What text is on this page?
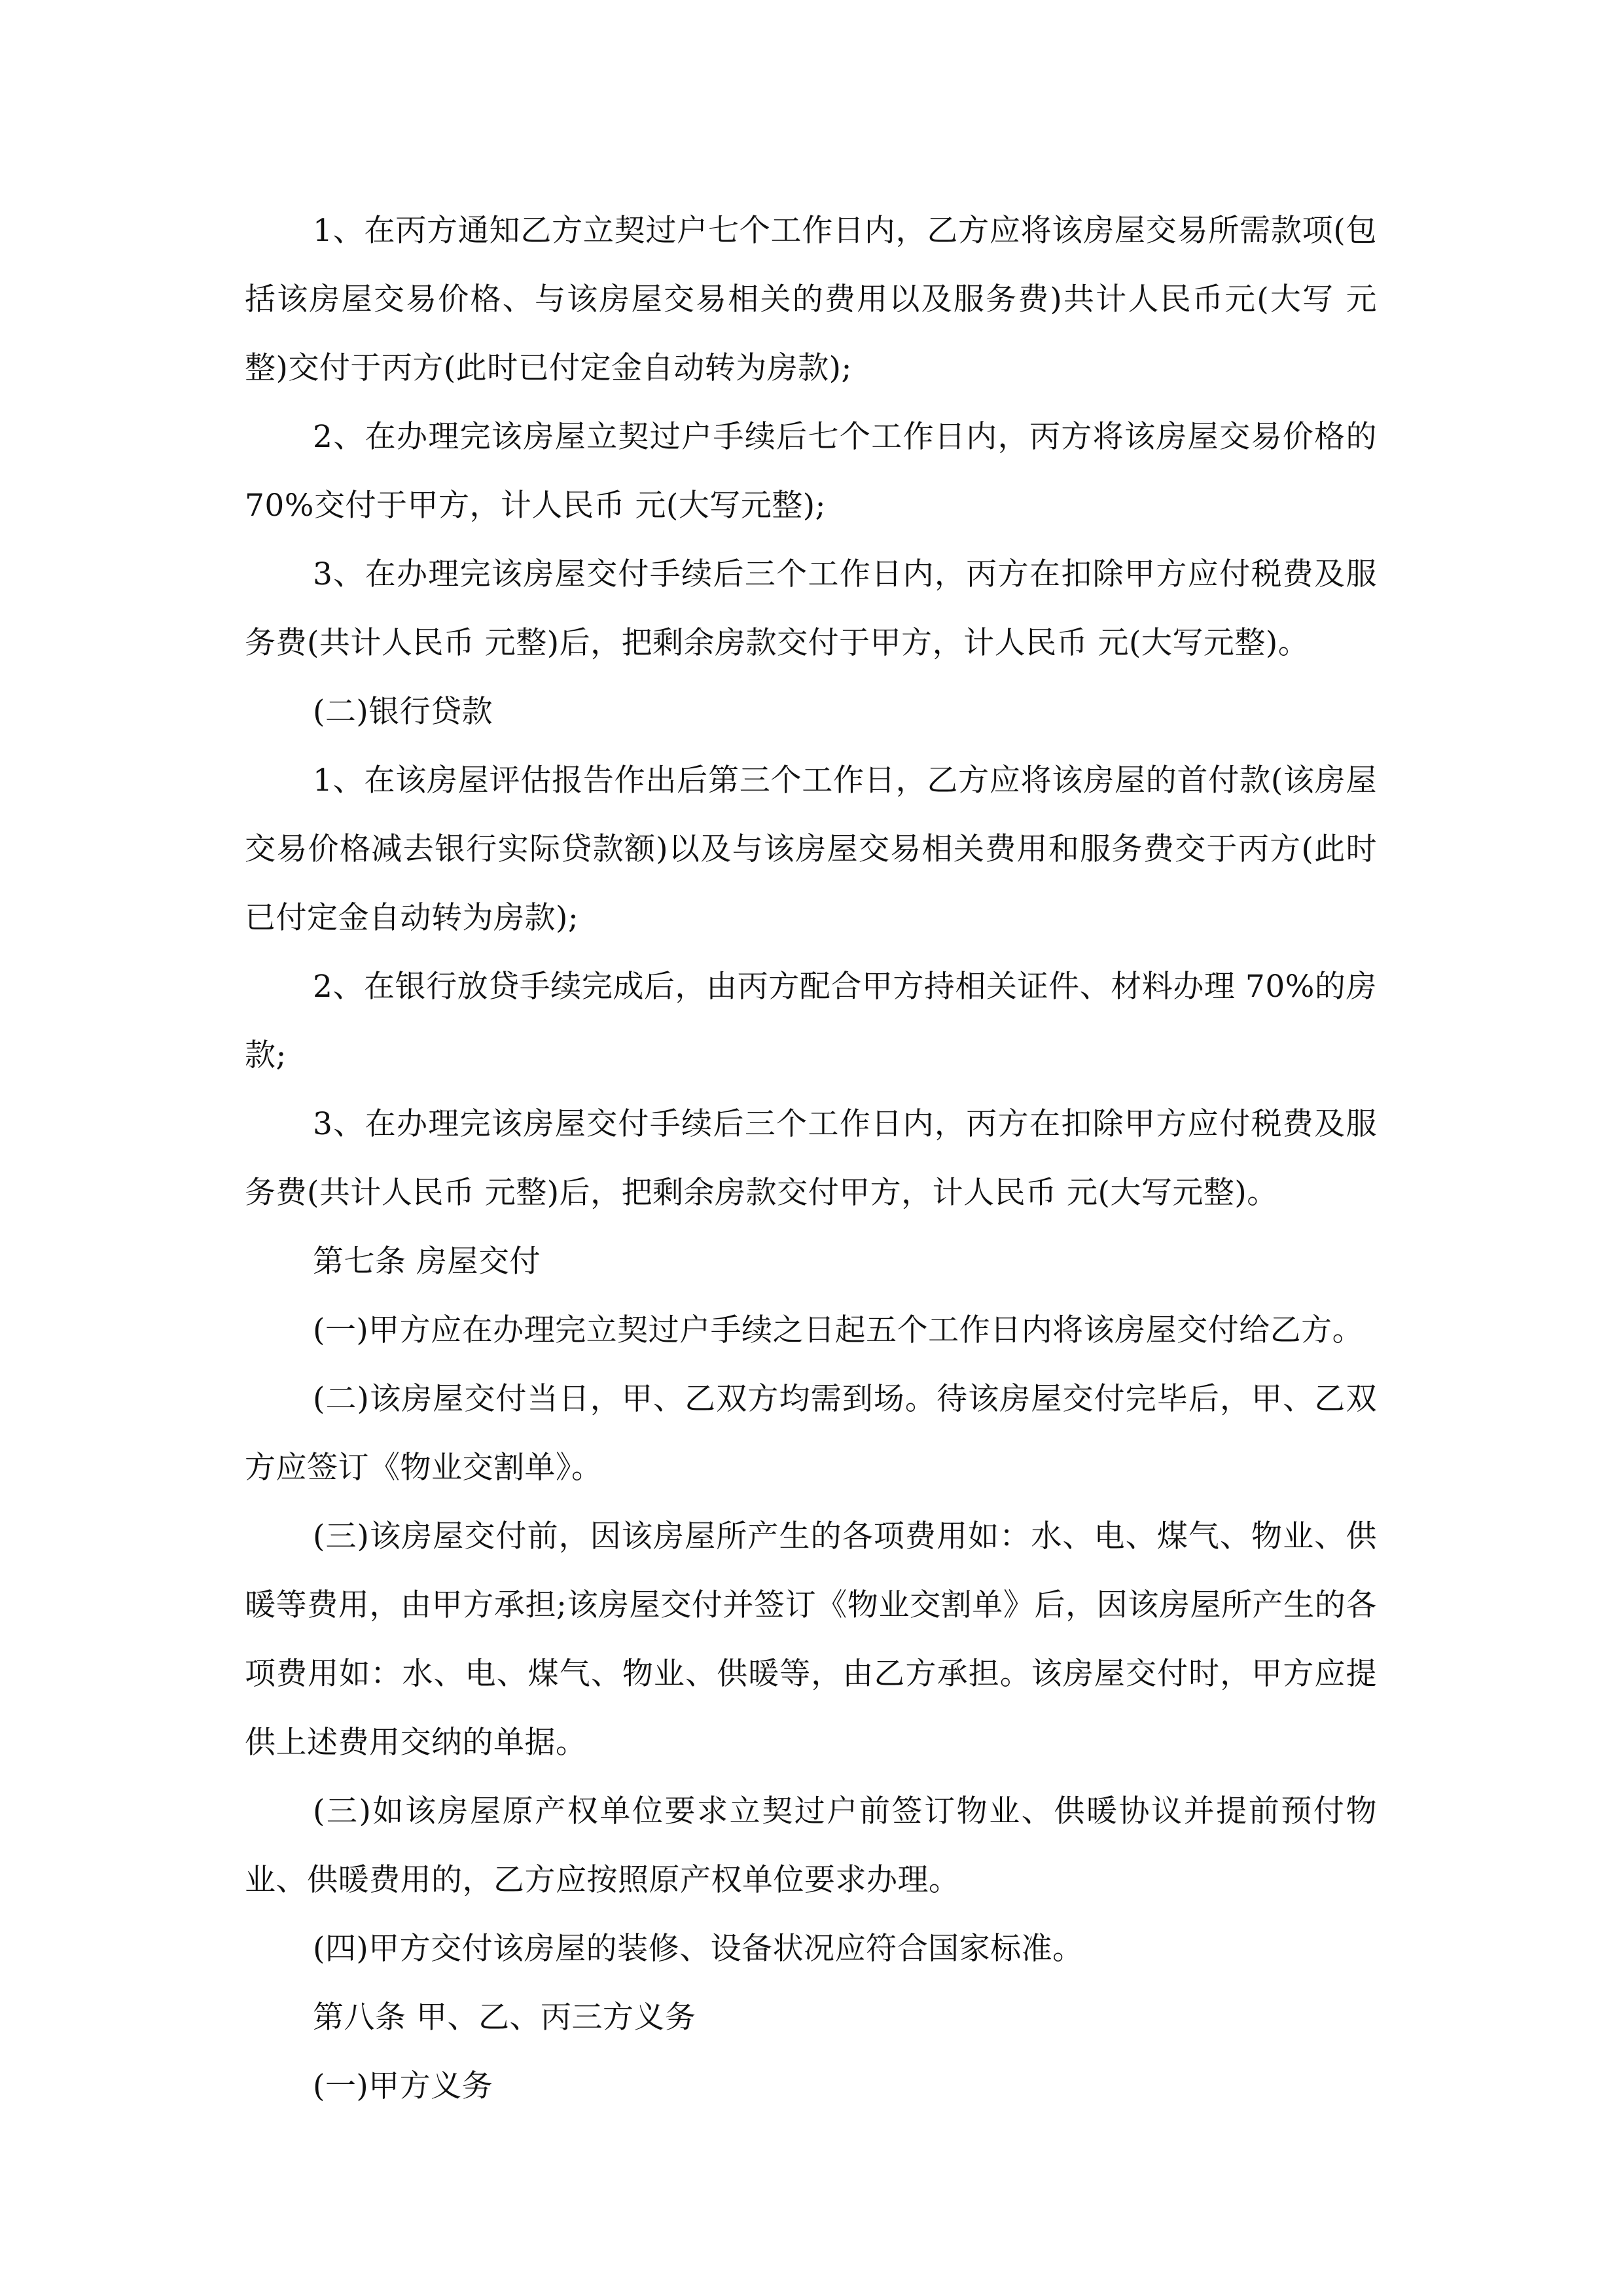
1、在丙方通知乙方立契过户七个工作日内，乙方应将该房屋交易所需款项(包括该房屋交易价格、与该房屋交易相关的费用以及服务费)共计人民币元(大写 元整)交付于丙方(此时已付定金自动转为房款);

2、在办理完该房屋立契过户手续后七个工作日内，丙方将该房屋交易价格的 70%交付于甲方，计人民币 元(大写元整);

3、在办理完该房屋交付手续后三个工作日内，丙方在扣除甲方应付税费及服务费(共计人民币 元整)后，把剩余房款交付于甲方，计人民币 元(大写元整)。

(二)银行贷款

1、在该房屋评估报告作出后第三个工作日，乙方应将该房屋的首付款(该房屋交易价格减去银行实际贷款额)以及与该房屋交易相关费用和服务费交于丙方(此时已付定金自动转为房款);

2、在银行放贷手续完成后，由丙方配合甲方持相关证件、材料办理 70%的房款;

3、在办理完该房屋交付手续后三个工作日内，丙方在扣除甲方应付税费及服务费(共计人民币 元整)后，把剩余房款交付甲方，计人民币 元(大写元整)。

第七条 房屋交付

(一)甲方应在办理完立契过户手续之日起五个工作日内将该房屋交付给乙方。

(二)该房屋交付当日，甲、乙双方均需到场。待该房屋交付完毕后，甲、乙双方应签订《物业交割单》。

(三)该房屋交付前，因该房屋所产生的各项费用如：水、电、煤气、物业、供暖等费用，由甲方承担;该房屋交付并签订《物业交割单》后，因该房屋所产生的各项费用如：水、电、煤气、物业、供暖等，由乙方承担。该房屋交付时，甲方应提供上述费用交纳的单据。

(三)如该房屋原产权单位要求立契过户前签订物业、供暖协议并提前预付物业、供暖费用的，乙方应按照原产权单位要求办理。

(四)甲方交付该房屋的装修、设备状况应符合国家标准。

第八条 甲、乙、丙三方义务

(一)甲方义务
